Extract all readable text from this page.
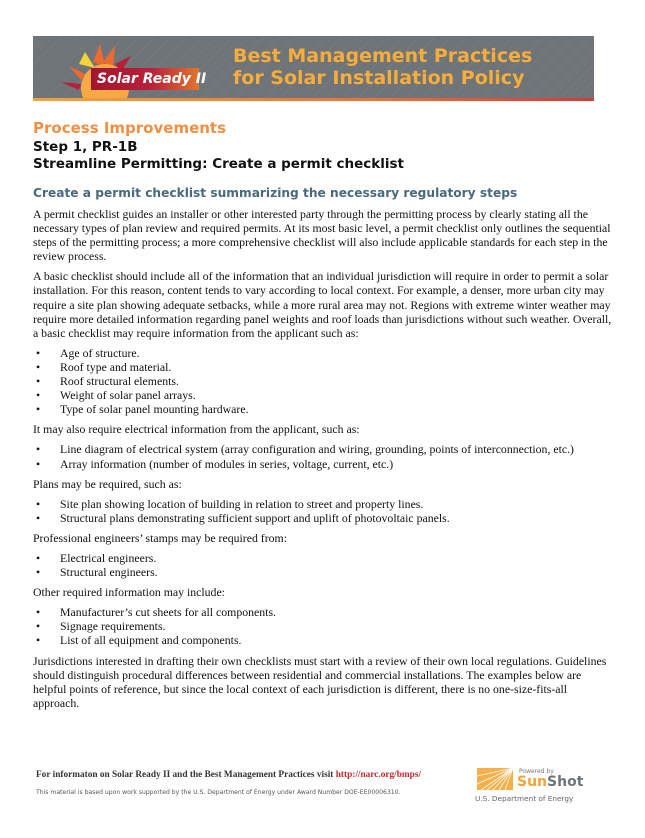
Solar Ready II
Best Management Practices
for Solar Installation Policy
Process Improvements
Step 1, PR-1B
Streamline Permitting: Create a permit checklist
Create a permit checklist summarizing the necessary regulatory steps

A permit checklist guides an installer or other interested party through the permitting process by clearly stating all the necessary types of plan review and required permits. At its most basic level, a permit checklist only outlines the sequential steps of the permitting process; a more comprehensive checklist will also include applicable standards for each step in the review process.

A basic checklist should include all of the information that an individual jurisdiction will require in order to permit a solar installation. For this reason, content tends to vary according to local context. For example, a denser, more urban city may require a site plan showing adequate setbacks, while a more rural area may not. Regions with extreme winter weather may require more detailed information regarding panel weights and roof loads than jurisdictions without such weather. Overall, a basic checklist may require information from the applicant such as:

• Age of structure.
• Roof type and material.
• Roof structural elements.
• Weight of solar panel arrays.
• Type of solar panel mounting hardware.

It may also require electrical information from the applicant, such as:

• Line diagram of electrical system (array configuration and wiring, grounding, points of interconnection, etc.)
• Array information (number of modules in series, voltage, current, etc.)

Plans may be required, such as:

• Site plan showing location of building in relation to street and property lines.
• Structural plans demonstrating sufficient support and uplift of photovoltaic panels.

Professional engineers’ stamps may be required from:

• Electrical engineers.
• Structural engineers.

Other required information may include:

• Manufacturer’s cut sheets for all components.
• Signage requirements.
• List of all equipment and components.

Jurisdictions interested in drafting their own checklists must start with a review of their own local regulations. Guidelines should distinguish procedural differences between residential and commercial installations. The examples below are helpful points of reference, but since the local context of each jurisdiction is different, there is no one-size-fits-all approach.

For informaton on Solar Ready II and the Best Management Practices visit http://narc.org/bmps/
This material is based upon work supported by the U.S. Department of Energy under Award Number DOE-EE00006310.
Powered by
SunShot
U.S. Department of Energy
